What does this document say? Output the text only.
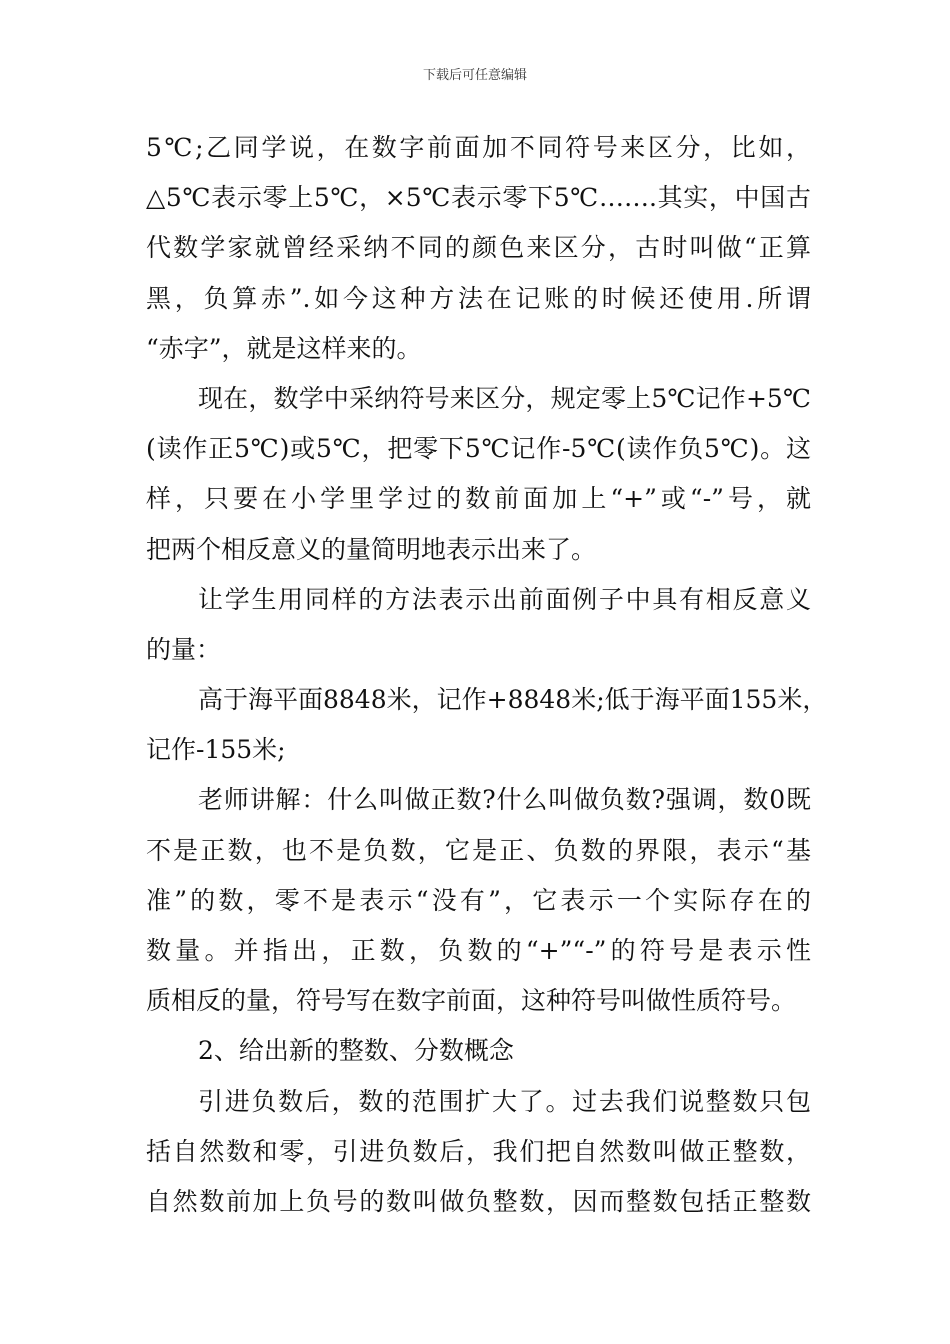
下载后可任意编辑
5℃;乙同学说，在数字前面加不同符号来区分，比如，
△5℃表示零上5℃，×5℃表示零下5℃…….其实，中国古
代数学家就曾经采纳不同的颜色来区分，古时叫做“正算
黑，负算赤”.如今这种方法在记账的时候还使用.所谓
“赤字”，就是这样来的。
现在，数学中采纳符号来区分，规定零上5℃记作+5℃
(读作正5℃)或5℃，把零下5℃记作-5℃(读作负5℃)。这
样，只要在小学里学过的数前面加上“+”或“-”号，就
把两个相反意义的量简明地表示出来了。
让学生用同样的方法表示出前面例子中具有相反意义
的量：
高于海平面8848米，记作+8848米;低于海平面155米，
记作-155米;
老师讲解：什么叫做正数?什么叫做负数?强调，数0既
不是正数，也不是负数，它是正、负数的界限，表示“基
准”的数，零不是表示“没有”，它表示一个实际存在的
数量。并指出，正数，负数的“+”“-”的符号是表示性
质相反的量，符号写在数字前面，这种符号叫做性质符号。
2、给出新的整数、分数概念
引进负数后，数的范围扩大了。过去我们说整数只包
括自然数和零，引进负数后，我们把自然数叫做正整数，
自然数前加上负号的数叫做负整数，因而整数包括正整数
